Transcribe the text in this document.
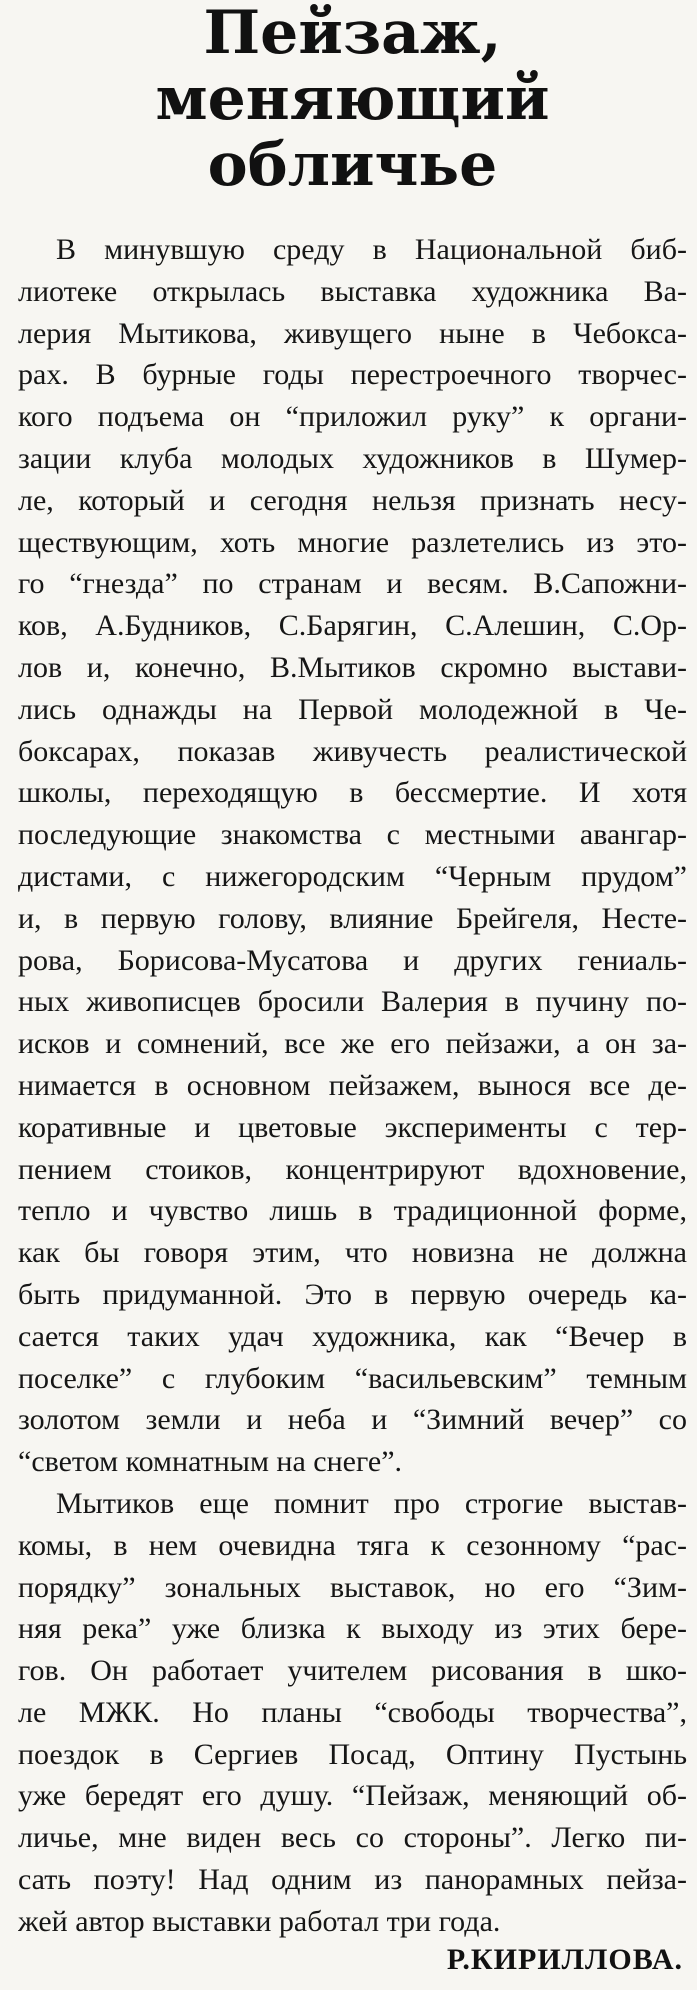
Пейзаж,
меняющий
обличье
В минувшую среду в Национальной биб-
лиотеке открылась выставка художника Ва-
лерия Мытикова, живущего ныне в Чебокса-
рах. В бурные годы перестроечного творчес-
кого подъема он “приложил руку” к органи-
зации клуба молодых художников в Шумер-
ле, который и сегодня нельзя признать несу-
ществующим, хоть многие разлетелись из это-
го “гнезда” по странам и весям. В.Сапожни-
ков, А.Будников, С.Барягин, С.Алешин, С.Ор-
лов и, конечно, В.Мытиков скромно выстави-
лись однажды на Первой молодежной в Че-
боксарах, показав живучесть реалистической
школы, переходящую в бессмертие. И хотя
последующие знакомства с местными авангар-
дистами, с нижегородским “Черным прудом”
и, в первую голову, влияние Брейгеля, Несте-
рова, Борисова-Мусатова и других гениаль-
ных живописцев бросили Валерия в пучину по-
исков и сомнений, все же его пейзажи, а он за-
нимается в основном пейзажем, вынося все де-
коративные и цветовые эксперименты с тер-
пением стоиков, концентрируют вдохновение,
тепло и чувство лишь в традиционной форме,
как бы говоря этим, что новизна не должна
быть придуманной. Это в первую очередь ка-
сается таких удач художника, как “Вечер в
поселке” с глубоким “васильевским” темным
золотом земли и неба и “Зимний вечер” со
“светом комнатным на снеге”.
Мытиков еще помнит про строгие выстав-
комы, в нем очевидна тяга к сезонному “рас-
порядку” зональных выставок, но его “Зим-
няя река” уже близка к выходу из этих бере-
гов. Он работает учителем рисования в шко-
ле МЖК. Но планы “свободы творчества”,
поездок в Сергиев Посад, Оптину Пустынь
уже бередят его душу. “Пейзаж, меняющий об-
личье, мне виден весь со стороны”. Легко пи-
сать поэту! Над одним из панорамных пейза-
жей автор выставки работал три года.
Р.КИРИЛЛОВА.
